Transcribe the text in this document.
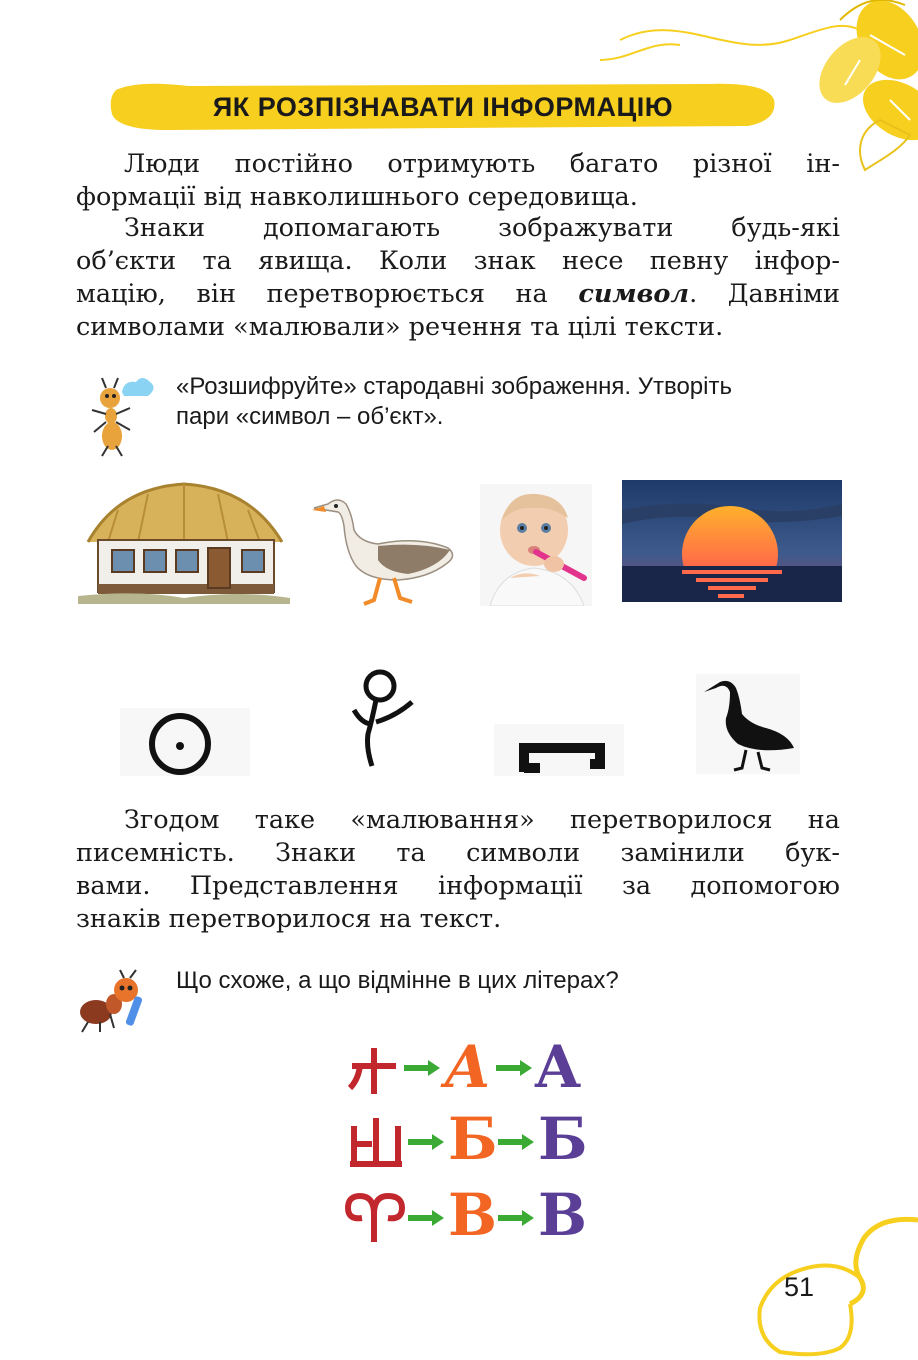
ЯК РОЗПІЗНАВАТИ ІНФОРМАЦІЮ
Люди постійно отримують багато різної ін-
формації від навколишнього середовища.
Знаки допомагають зображувати будь-які
об’єкти та явища. Коли знак несе певну інфор-
мацію, він перетворюється на символ. Давніми
символами «малювали» речення та цілі тексти.
«Розшифруйте» стародавні зображення. Утворіть
пари «символ – об’єкт».
Згодом таке «малювання» перетворилося на
писемність. Знаки та символи замінили бук-
вами. Представлення інформації за допомогою
знаків перетворилося на текст.
Що схоже, а що відмінне в цих літерах?
А А
Б Б
В В
51
